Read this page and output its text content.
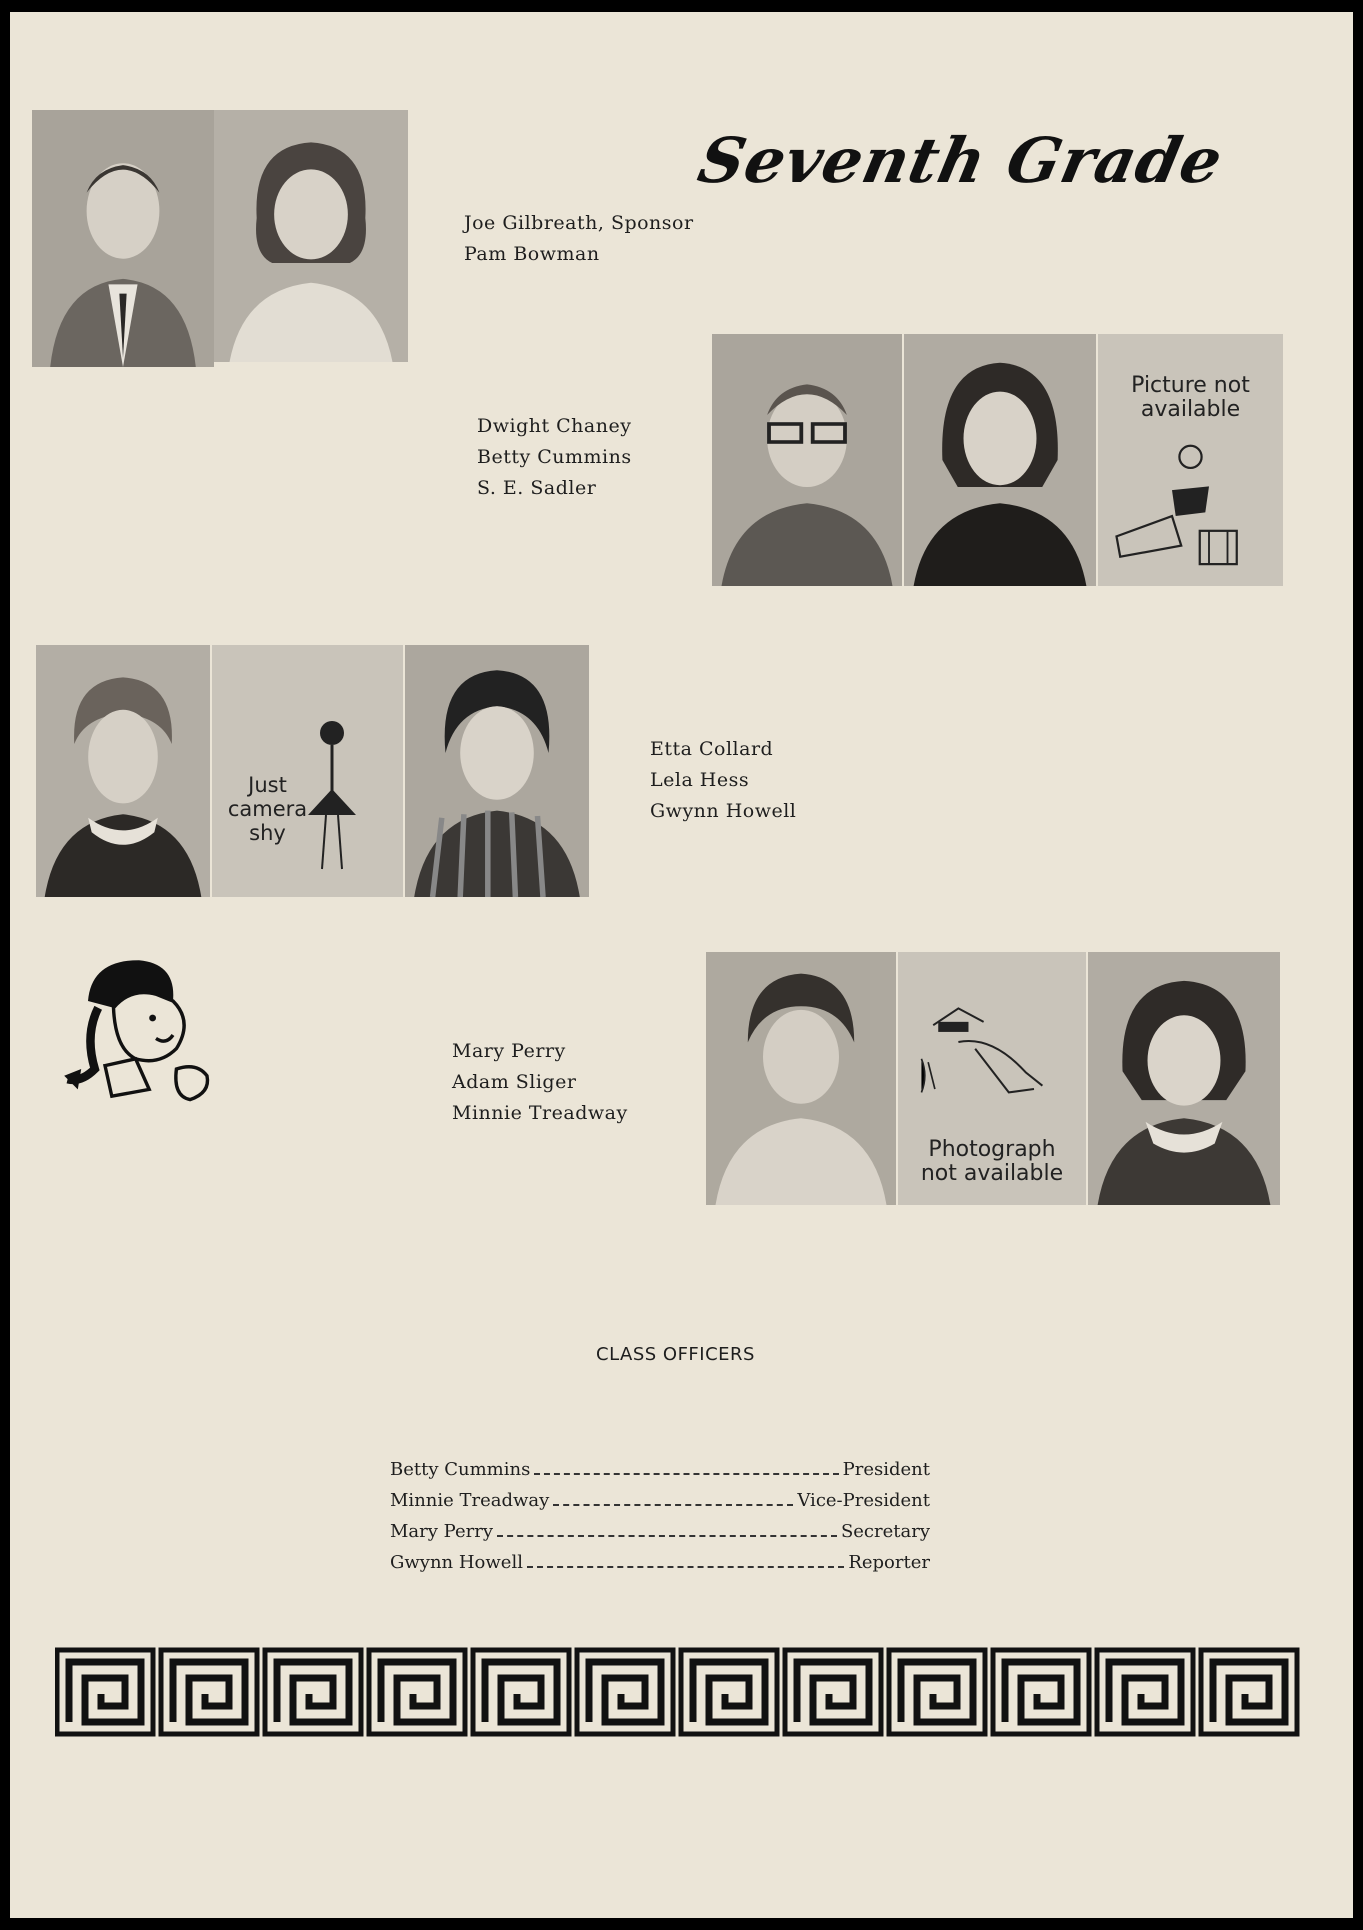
Seventh Grade
Joe Gilbreath, Sponsor
Pam Bowman
Dwight Chaney
Betty Cummins
S. E. Sadler
Picture not
available
Just
camera
shy
Etta Collard
Lela Hess
Gwynn Howell
Mary Perry
Adam Sliger
Minnie Treadway
Photograph
not available
CLASS OFFICERS
Betty Cummins	President
Minnie Treadway	Vice-President
Mary Perry	Secretary
Gwynn Howell	Reporter
